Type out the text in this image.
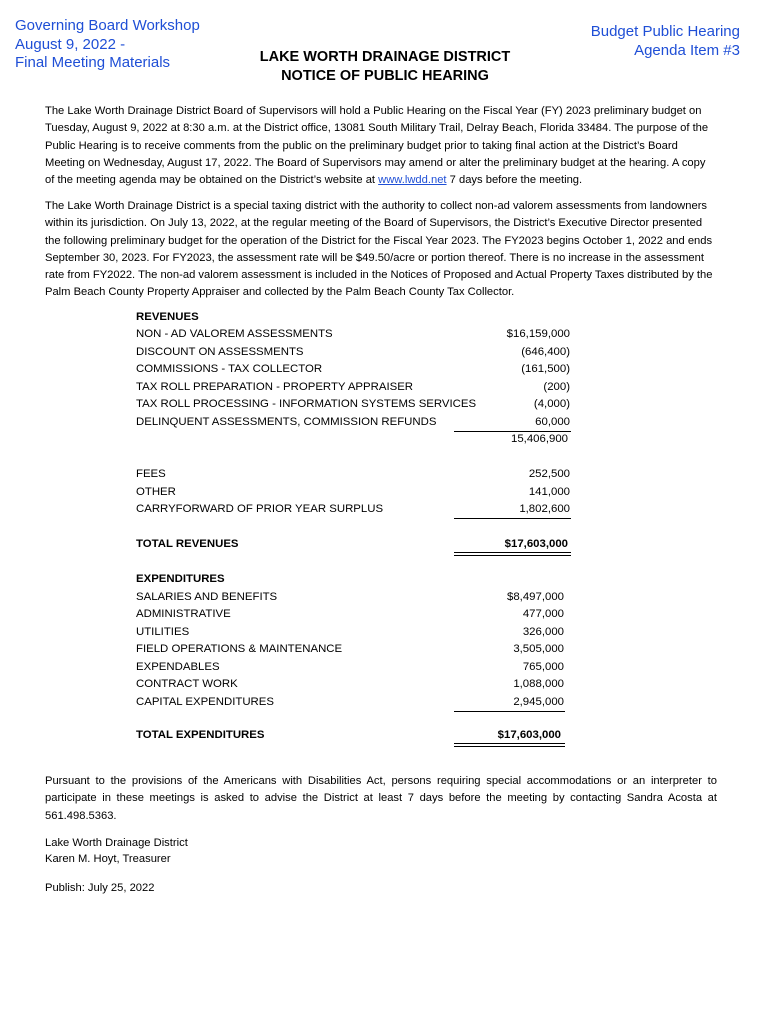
Governing Board Workshop
August 9, 2022 -
Final Meeting Materials
Budget Public Hearing
Agenda Item #3
LAKE WORTH DRAINAGE DISTRICT
NOTICE OF PUBLIC HEARING
The Lake Worth Drainage District Board of Supervisors will hold a Public Hearing on the Fiscal Year (FY) 2023 preliminary budget on Tuesday, August 9, 2022 at 8:30 a.m. at the District office, 13081 South Military Trail, Delray Beach, Florida 33484. The purpose of the Public Hearing is to receive comments from the public on the preliminary budget prior to taking final action at the District’s Board Meeting on Wednesday, August 17, 2022. The Board of Supervisors may amend or alter the preliminary budget at the hearing. A copy of the meeting agenda may be obtained on the District’s website at www.lwdd.net 7 days before the meeting.
The Lake Worth Drainage District is a special taxing district with the authority to collect non-ad valorem assessments from landowners within its jurisdiction. On July 13, 2022, at the regular meeting of the Board of Supervisors, the District’s Executive Director presented the following preliminary budget for the operation of the District for the Fiscal Year 2023. The FY2023 begins October 1, 2022 and ends September 30, 2023. For FY2023, the assessment rate will be $49.50/acre or portion thereof. There is no increase in the assessment rate from FY2022. The non-ad valorem assessment is included in the Notices of Proposed and Actual Property Taxes distributed by the Palm Beach County Property Appraiser and collected by the Palm Beach County Tax Collector.
REVENUES
NON - AD VALOREM ASSESSMENTS	$16,159,000
DISCOUNT ON ASSESSMENTS	(646,400)
COMMISSIONS - TAX COLLECTOR	(161,500)
TAX ROLL PREPARATION - PROPERTY APPRAISER	(200)
TAX ROLL PROCESSING - INFORMATION SYSTEMS SERVICES	(4,000)
DELINQUENT ASSESSMENTS, COMMISSION REFUNDS	60,000
15,406,900
FEES	252,500
OTHER	141,000
CARRYFORWARD OF PRIOR YEAR SURPLUS	1,802,600
TOTAL REVENUES	$17,603,000
EXPENDITURES
SALARIES AND BENEFITS	$8,497,000
ADMINISTRATIVE	477,000
UTILITIES	326,000
FIELD OPERATIONS & MAINTENANCE	3,505,000
EXPENDABLES	765,000
CONTRACT WORK	1,088,000
CAPITAL EXPENDITURES	2,945,000
TOTAL EXPENDITURES	$17,603,000
Pursuant to the provisions of the Americans with Disabilities Act, persons requiring special accommodations or an interpreter to participate in these meetings is asked to advise the District at least 7 days before the meeting by contacting Sandra Acosta at 561.498.5363.
Lake Worth Drainage District
Karen M. Hoyt, Treasurer
Publish: July 25, 2022
